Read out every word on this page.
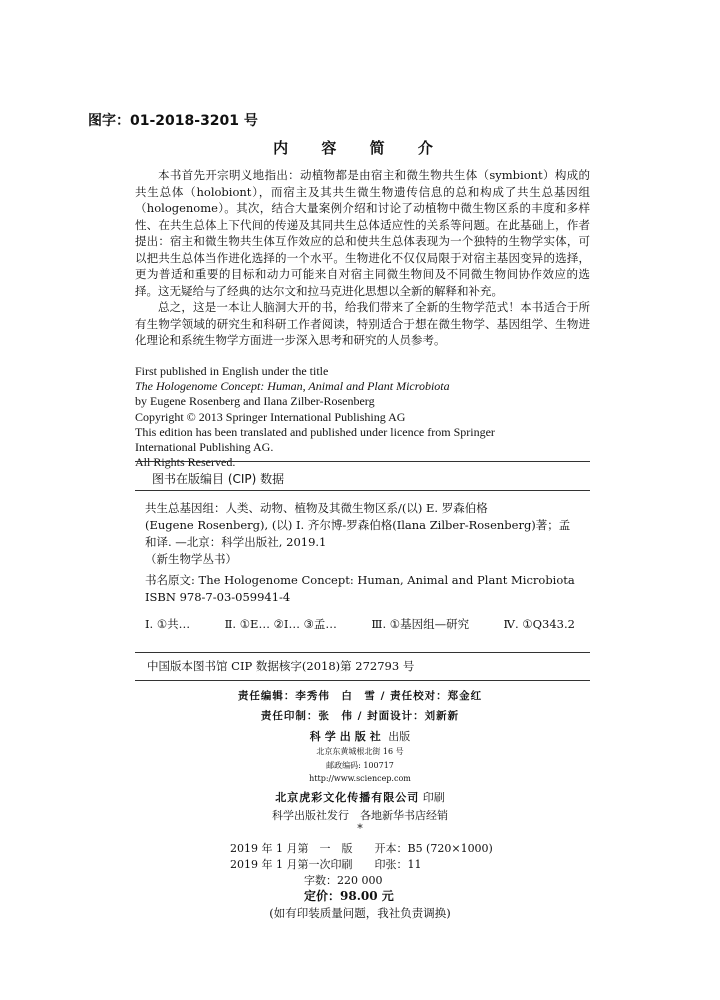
图字：01-2018-3201 号
内 容 简 介

本书首先开宗明义地指出：动植物都是由宿主和微生物共生体（symbiont）构成的共生总体（holobiont），而宿主及其共生微生物遗传信息的总和构成了共生总基因组（hologenome）。其次，结合大量案例介绍和讨论了动植物中微生物区系的丰度和多样性、在共生总体上下代间的传递及其同共生总体适应性的关系等问题。在此基础上，作者提出：宿主和微生物共生体互作效应的总和使共生总体表现为一个独特的生物学实体，可以把共生总体当作进化选择的一个水平。生物进化不仅仅局限于对宿主基因变异的选择，更为普适和重要的目标和动力可能来自对宿主同微生物间及不同微生物间协作效应的选择。这无疑给与了经典的达尔文和拉马克进化思想以全新的解释和补充。

总之，这是一本让人脑洞大开的书，给我们带来了全新的生物学范式！本书适合于所有生物学领域的研究生和科研工作者阅读，特别适合于想在微生物学、基因组学、生物进化理论和系统生物学方面进一步深入思考和研究的人员参考。

First published in English under the title
The Hologenome Concept: Human, Animal and Plant Microbiota
by Eugene Rosenberg and Ilana Zilber-Rosenberg
Copyright © 2013 Springer International Publishing AG
This edition has been translated and published under licence from Springer
International Publishing AG.
All Rights Reserved.
图书在版编目 (CIP) 数据
共生总基因组：人类、动物、植物及其微生物区系/(以) E. 罗森伯格
(Eugene Rosenberg), (以) I. 齐尔博-罗森伯格(Ilana Zilber-Rosenberg)著；孟
和译. —北京：科学出版社, 2019.1
（新生物学丛书）
书名原文: The Hologenome Concept: Human, Animal and Plant Microbiota
ISBN 978-7-03-059941-4
Ⅰ. ①共…	Ⅱ. ①E… ②I… ③孟…	Ⅲ. ①基因组—研究	Ⅳ. ①Q343.2
中国版本图书馆 CIP 数据核字(2018)第 272793 号
责任编辑：李秀伟　白　雪 / 责任校对：郑金红
责任印制：张　伟 / 封面设计：刘新新
科学出版社 出版
北京东黄城根北街 16 号
邮政编码: 100717
http://www.sciencep.com
北京虎彩文化传播有限公司 印刷
科学出版社发行　各地新华书店经销
*
2019 年 1 月第　一　版　　开本：B5 (720×1000)
2019 年 1 月第一次印刷　　印张：11
字数：220 000
定价：98.00 元
(如有印装质量问题，我社负责调换)
